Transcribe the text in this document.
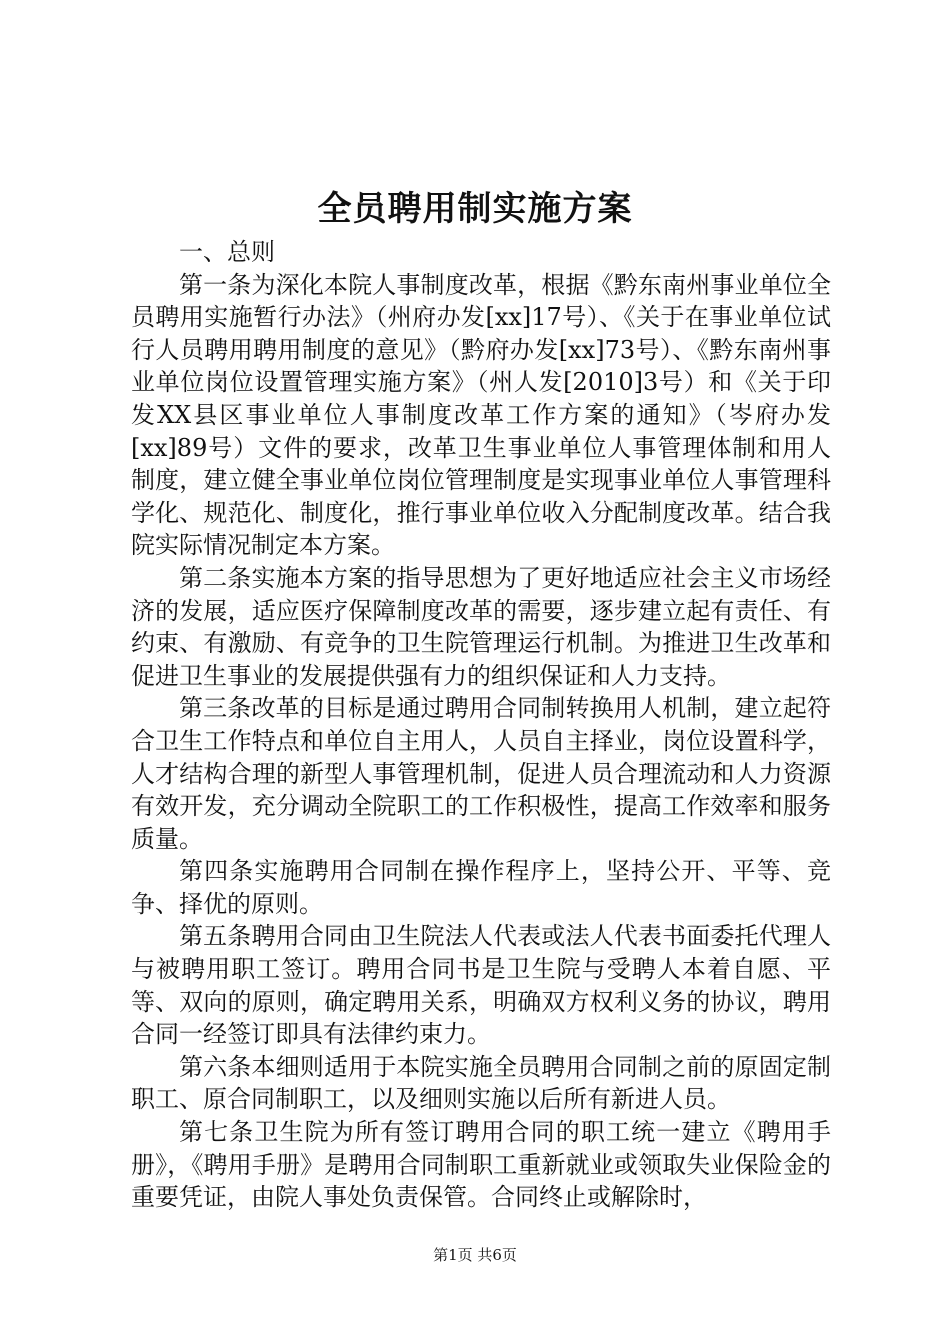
全员聘用制实施方案

一、总则

第一条为深化本院人事制度改革，根据《黔东南州事业单位全员聘用实施暂行办法》（州府办发[xx]17号）、《关于在事业单位试行人员聘用聘用制度的意见》（黔府办发[xx]73号）、《黔东南州事业单位岗位设置管理实施方案》（州人发[2010]3号）和《关于印发XX县区事业单位人事制度改革工作方案的通知》（岑府办发[xx]89号）文件的要求，改革卫生事业单位人事管理体制和用人制度，建立健全事业单位岗位管理制度是实现事业单位人事管理科学化、规范化、制度化，推行事业单位收入分配制度改革。结合我院实际情况制定本方案。

第二条实施本方案的指导思想为了更好地适应社会主义市场经济的发展，适应医疗保障制度改革的需要，逐步建立起有责任、有约束、有激励、有竞争的卫生院管理运行机制。为推进卫生改革和促进卫生事业的发展提供强有力的组织保证和人力支持。

第三条改革的目标是通过聘用合同制转换用人机制，建立起符合卫生工作特点和单位自主用人，人员自主择业，岗位设置科学，人才结构合理的新型人事管理机制，促进人员合理流动和人力资源有效开发，充分调动全院职工的工作积极性，提高工作效率和服务质量。

第四条实施聘用合同制在操作程序上，坚持公开、平等、竞争、择优的原则。

第五条聘用合同由卫生院法人代表或法人代表书面委托代理人与被聘用职工签订。聘用合同书是卫生院与受聘人本着自愿、平等、双向的原则，确定聘用关系，明确双方权利义务的协议，聘用合同一经签订即具有法律约束力。

第六条本细则适用于本院实施全员聘用合同制之前的原固定制职工、原合同制职工，以及细则实施以后所有新进人员。

第七条卫生院为所有签订聘用合同的职工统一建立《聘用手册》，《聘用手册》是聘用合同制职工重新就业或领取失业保险金的重要凭证，由院人事处负责保管。合同终止或解除时，

第1页 共6页
